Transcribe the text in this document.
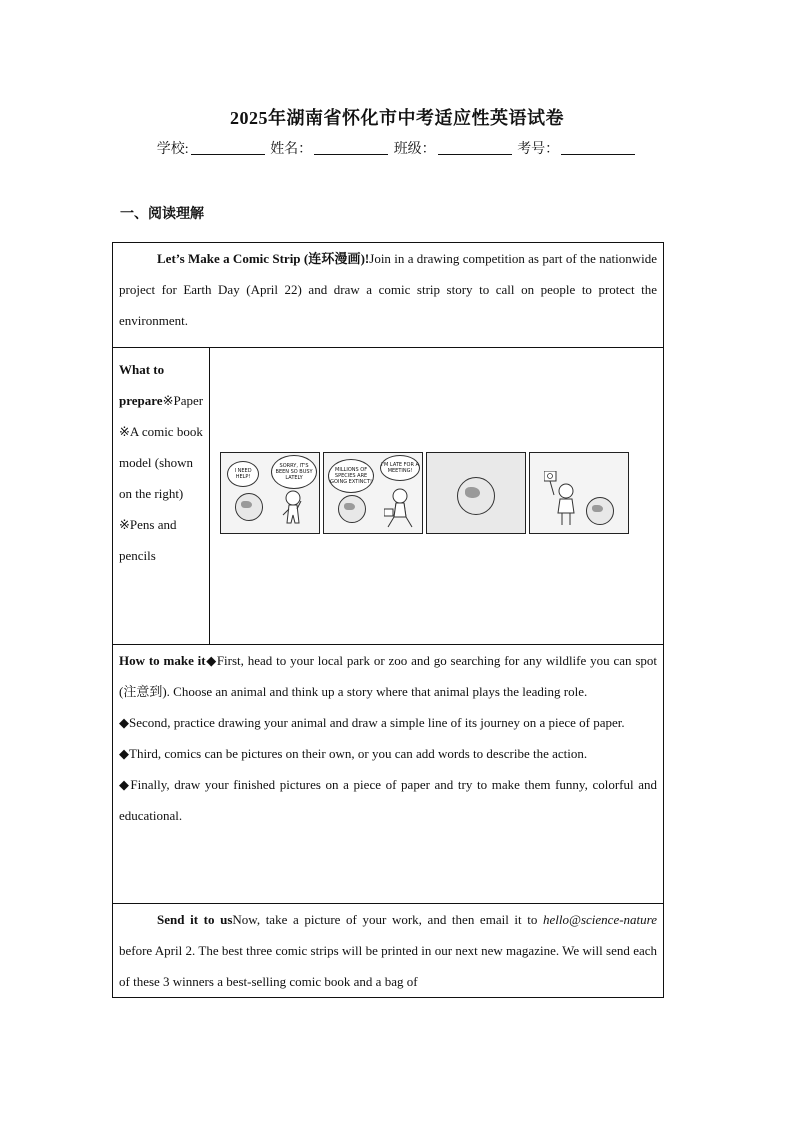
2025年湖南省怀化市中考适应性英语试卷
学校:	姓名：	班级：	考号：
一、阅读理解
Let’s Make a Comic Strip (连环漫画)!Join in a drawing competition as part of the nationwide project for Earth Day (April 22) and draw a comic strip story to call on people to protect the environment.
What to prepare※Paper
※A comic book model (shown on the right)
※Pens and pencils	
I NEED HELP!
SORRY, IT'S BEEN SO BUSY LATELY
MILLIONS OF SPECIES ARE GOING EXTINCT!
I'M LATE FOR A MEETING!

How to make it◆First, head to your local park or zoo and go searching for any wildlife you can spot (注意到). Choose an animal and think up a story where that animal plays the leading role.
◆Second, practice drawing your animal and draw a simple line of its journey on a piece of paper.
◆Third, comics can be pictures on their own, or you can add words to describe the action.
◆Finally, draw your finished pictures on a piece of paper and try to make them funny, colorful and educational.
Send it to usNow, take a picture of your work, and then email it to hello@science-nature before April 2. The best three comic strips will be printed in our next new magazine. We will send each of these 3 winners a best-selling comic book and a bag of
